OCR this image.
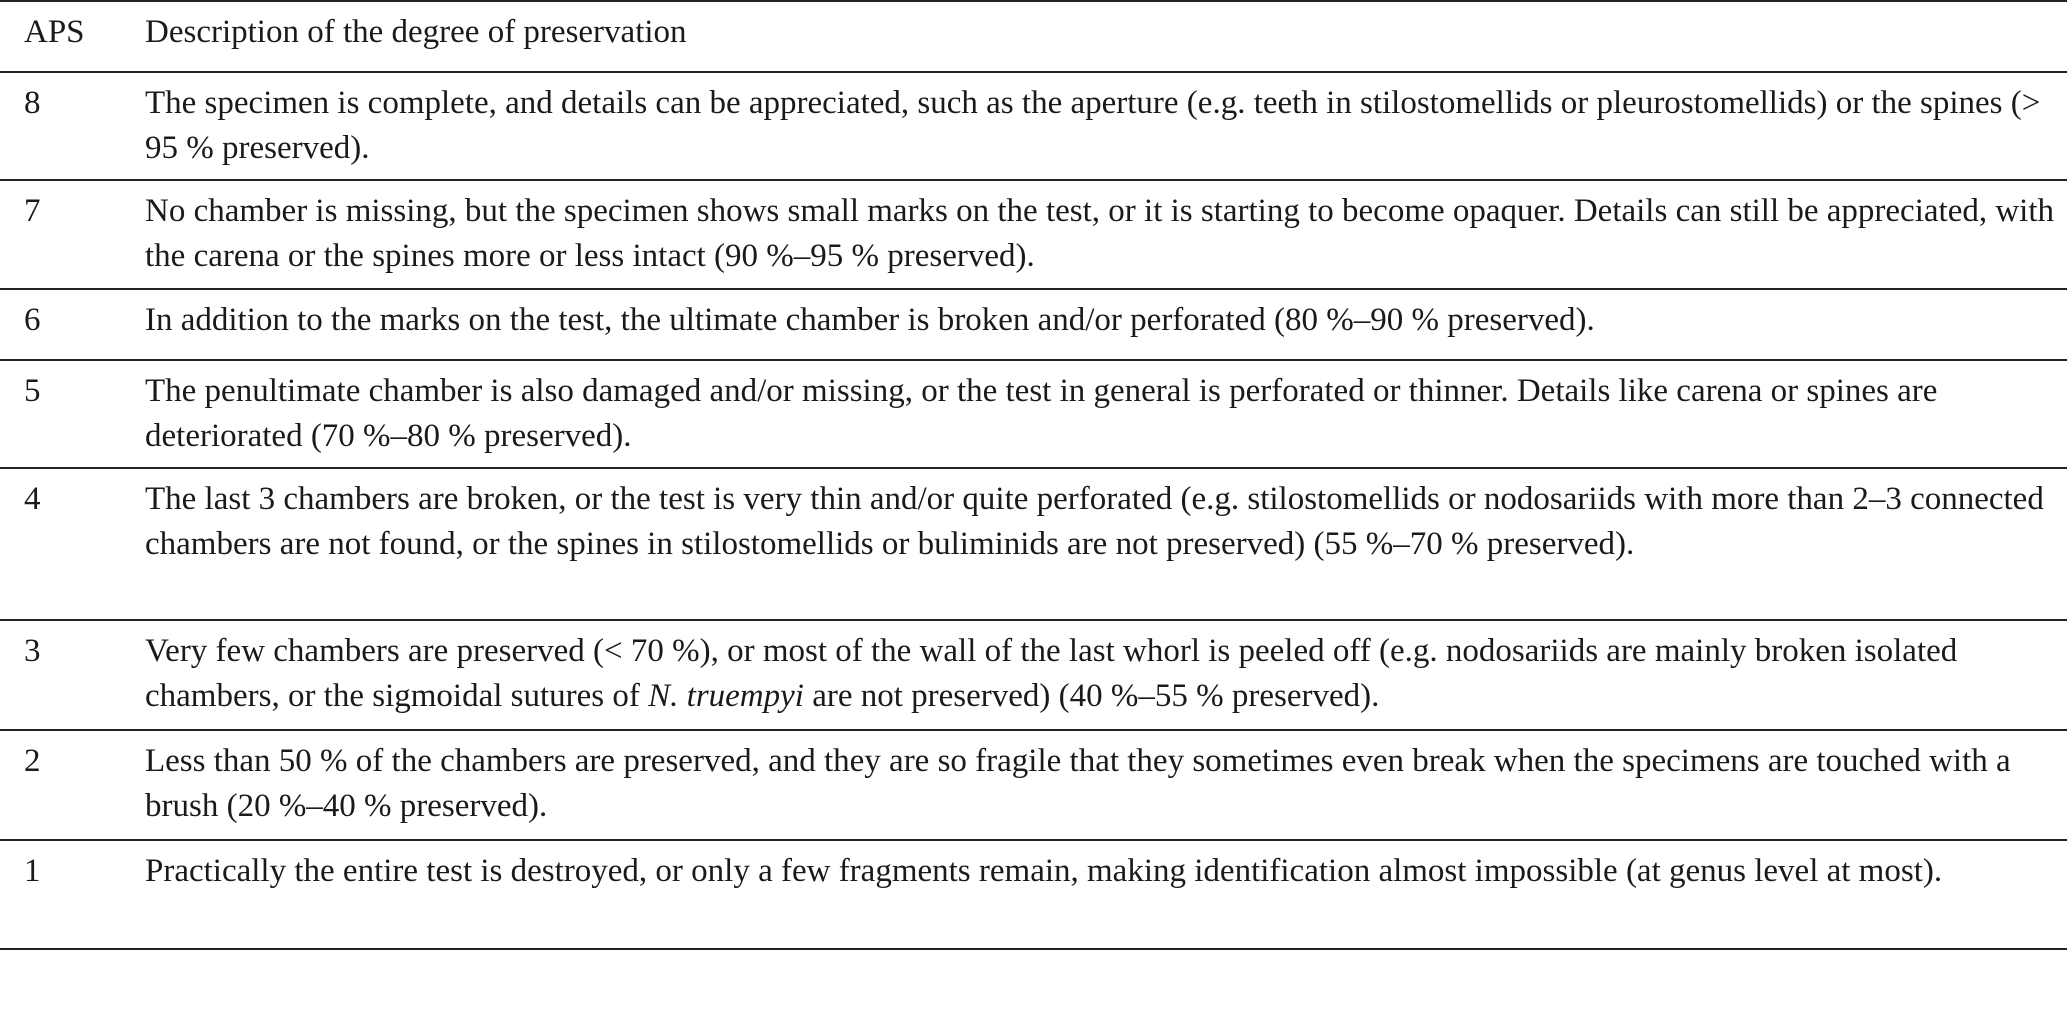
APS	Description of the degree of preservation
8	The specimen is complete, and details can be appreciated, such as the aperture (e.g. teeth in stilostomellids or pleurostomellids) or the spines (> 95 % preserved).
7	No chamber is missing, but the specimen shows small marks on the test, or it is starting to become opaquer. Details can still be appreciated, with the carena or the spines more or less intact (90 %–95 % preserved).
6	In addition to the marks on the test, the ultimate chamber is broken and/or perforated (80 %–90 % preserved).
5	The penultimate chamber is also damaged and/or missing, or the test in general is perforated or thinner. Details like carena or spines are deteriorated (70 %–80 % preserved).
4	The last 3 chambers are broken, or the test is very thin and/or quite perforated (e.g. stilostomellids or nodosariids with more than 2–3 connected chambers are not found, or the spines in stilostomellids or buliminids are not preserved) (55 %–70 % preserved).
3	Very few chambers are preserved (< 70 %), or most of the wall of the last whorl is peeled off (e.g. nodosariids are mainly broken isolated chambers, or the sigmoidal sutures of N. truempyi are not preserved) (40 %–55 % preserved).
2	Less than 50 % of the chambers are preserved, and they are so fragile that they sometimes even break when the specimens are touched with a brush (20 %–40 % preserved).
1	Practically the entire test is destroyed, or only a few fragments remain, making identification almost impossible (at genus level at most).
